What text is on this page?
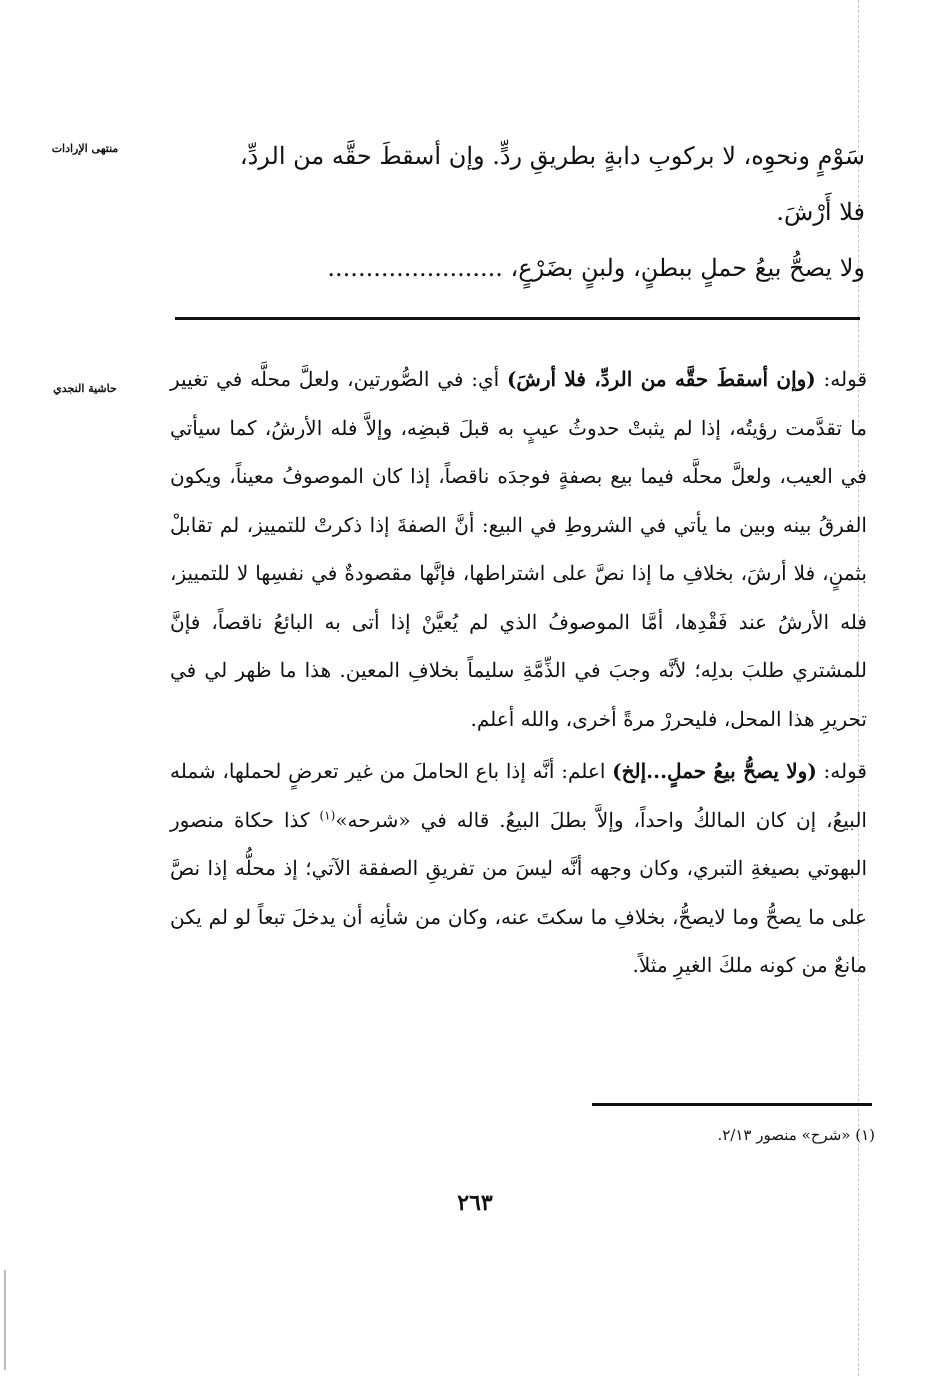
منتهى الإرادات
حاشية النجدي

سَوْمٍ ونحوِه، لا بركوبِ دابةٍ بطريقِ ردٍّ. وإن أسقطَ حقَّه من الردِّ،

فلا أَرْشَ.

ولا يصحُّ بيعُ حملٍ ببطنٍ، ولبنٍ بضَرْعٍ، .......................

قوله: (وإن أسقطَ حقَّه من الردِّ، فلا أرشَ) أي: في الصُّورتين، ولعلَّ محلَّه في تغيير ما تقدَّمت رؤيتُه، إذا لم يثبتْ حدوثُ عيبٍ به قبلَ قبضِه، وإلاَّ فله الأرشُ، كما سيأتي في العيب، ولعلَّ محلَّه فيما بيع بصفةٍ فوجدَه ناقصاً، إذا كان الموصوفُ معيناً، ويكون الفرقُ بينه وبين ما يأتي في الشروطِ في البيع: أنَّ الصفةَ إذا ذكرتْ للتمييز، لم تقابلْ بثمنٍ، فلا أرشَ، بخلافِ ما إذا نصَّ على اشتراطها، فإنَّها مقصودةٌ في نفسِها لا للتمييز، فله الأرشُ عند فَقْدِها، أمَّا الموصوفُ الذي لم يُعيَّنْ إذا أتى به البائعُ ناقصاً، فإنَّ للمشتري طلبَ بدلِه؛ لأنَّه وجبَ في الذِّمَّةِ سليماً بخلافِ المعين. هذا ما ظهر لي في تحريرِ هذا المحل، فليحررْ مرةً أخرى، والله أعلم.

قوله: (ولا يصحُّ بيعُ حملٍ...إلخ) اعلم: أنَّه إذا باع الحاملَ من غير تعرضٍ لحملها، شمله البيعُ، إن كان المالكُ واحداً، وإلاَّ بطلَ البيعُ. قاله في «شرحه»$^{(١)}$ كذا حكاة منصور البهوتي بصيغةِ التبري، وكان وجهه أنَّه ليسَ من تفريقِ الصفقة الآتي؛ إذ محلُّه إذا نصَّ على ما يصحُّ وما لايصحُّ، بخلافِ ما سكتَ عنه، وكان من شأنِه أن يدخلَ تبعاً لو لم يكن مانعٌ من كونه ملكَ الغيرِ مثلاً.

(١) «شرح» منصور ٢/١٣.
٢٦٣
